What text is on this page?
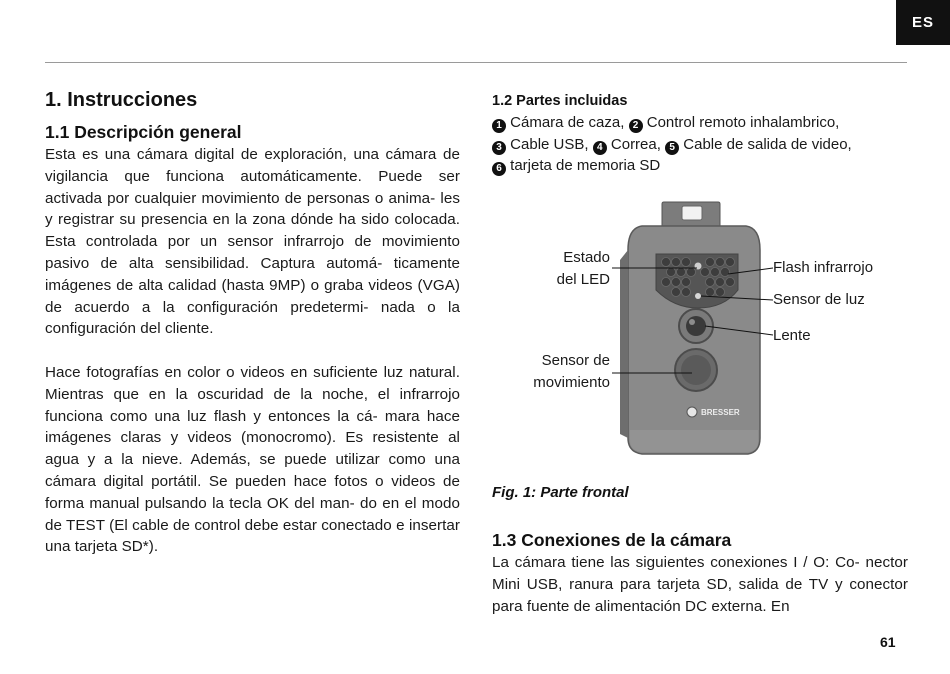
ES
1. Instrucciones
1.1 Descripción general

Esta es una cámara digital de exploración, una cámara de vigilancia que funciona automáticamente. Puede ser activada por cualquier movimiento de personas o anima- les y registrar su presencia en la zona dónde ha sido colocada. Esta controlada por un sensor infrarrojo de movimiento pasivo de alta sensibilidad. Captura automá- ticamente imágenes de alta calidad (hasta 9MP) o graba videos (VGA) de acuerdo a la configuración predetermi- nada o la configuración del cliente.

Hace fotografías en color o videos en suficiente luz natural. Mientras que en la oscuridad de la noche, el infrarrojo funciona como una luz flash y entonces la cá- mara hace imágenes claras y videos (monocromo). Es resistente al agua y a la nieve. Además, se puede utilizar como una cámara digital portátil. Se pueden hace fotos o videos de forma manual pulsando la tecla OK del man- do en el modo de TEST (El cable de control debe estar conectado e insertar una tarjeta SD*).

1.2 Partes incluidas
1 Cámara de caza, 2 Control remoto inhalambrico,
3 Cable USB, 4 Correa, 5 Cable de salida de video,
6 tarjeta de memoria SD
BRESSER
Estado
del LED
Sensor de
movimiento
Flash infrarrojo
Sensor de luz
Lente
Fig. 1: Parte frontal
1.3 Conexiones de la cámara

La cámara tiene las siguientes conexiones I / O: Co- nector Mini USB, ranura para tarjeta SD, salida de TV y conector para fuente de alimentación DC externa. En

61
